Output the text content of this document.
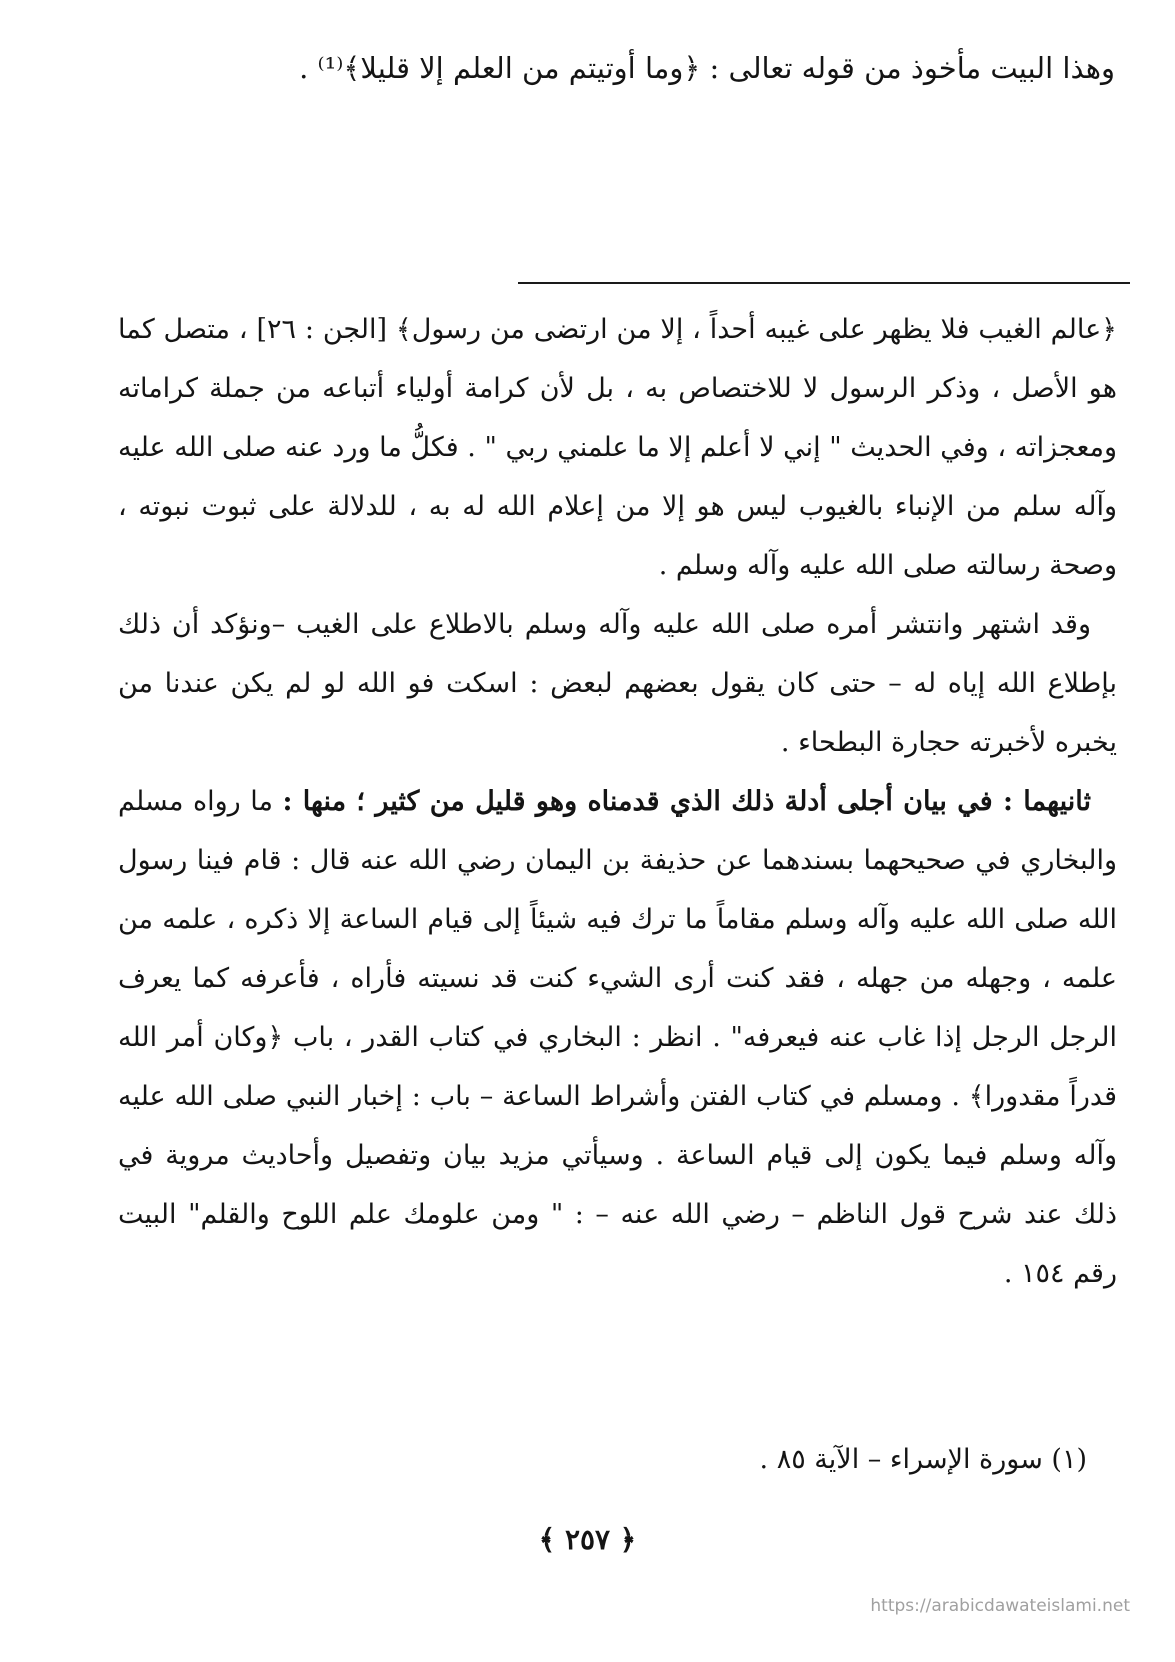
وهذا البيت مأخوذ من قوله تعالى : ﴿وما أوتيتم من العلم إلا قليلا﴾⁽¹⁾ .

﴿عالم الغيب فلا يظهر على غيبه أحداً ، إلا من ارتضى من رسول﴾ [الجن : ٢٦] ، متصل كما هو الأصل ، وذكر الرسول لا للاختصاص به ، بل لأن كرامة أولياء أتباعه من جملة كراماته ومعجزاته ، وفي الحديث " إني لا أعلم إلا ما علمني ربي " . فكلُّ ما ورد عنه صلى الله عليه وآله سلم من الإنباء بالغيوب ليس هو إلا من إعلام الله له به ، للدلالة على ثبوت نبوته ، وصحة رسالته صلى الله عليه وآله وسلم .

وقد اشتهر وانتشر أمره صلى الله عليه وآله وسلم بالاطلاع على الغيب –ونؤكد أن ذلك بإطلاع الله إياه له – حتى كان يقول بعضهم لبعض : اسكت فو الله لو لم يكن عندنا من يخبره لأخبرته حجارة البطحاء .

ثانيهما : في بيان أجلى أدلة ذلك الذي قدمناه وهو قليل من كثير ؛ منها : ما رواه مسلم والبخاري في صحيحهما بسندهما عن حذيفة بن اليمان رضي الله عنه قال : قام فينا رسول الله صلى الله عليه وآله وسلم مقاماً ما ترك فيه شيئاً إلى قيام الساعة إلا ذكره ، علمه من علمه ، وجهله من جهله ، فقد كنت أرى الشيء كنت قد نسيته فأراه ، فأعرفه كما يعرف الرجل الرجل إذا غاب عنه فيعرفه" . انظر : البخاري في كتاب القدر ، باب ﴿وكان أمر الله قدراً مقدورا﴾ . ومسلم في كتاب الفتن وأشراط الساعة – باب : إخبار النبي صلى الله عليه وآله وسلم فيما يكون إلى قيام الساعة . وسيأتي مزيد بيان وتفصيل وأحاديث مروية في ذلك عند شرح قول الناظم – رضي الله عنه – : " ومن علومك علم اللوح والقلم" البيت رقم ١٥٤ .

﴿ ٢٥٧ ﴾
https://arabicdawateislami.net
(١) سورة الإسراء – الآية ٨٥ .
